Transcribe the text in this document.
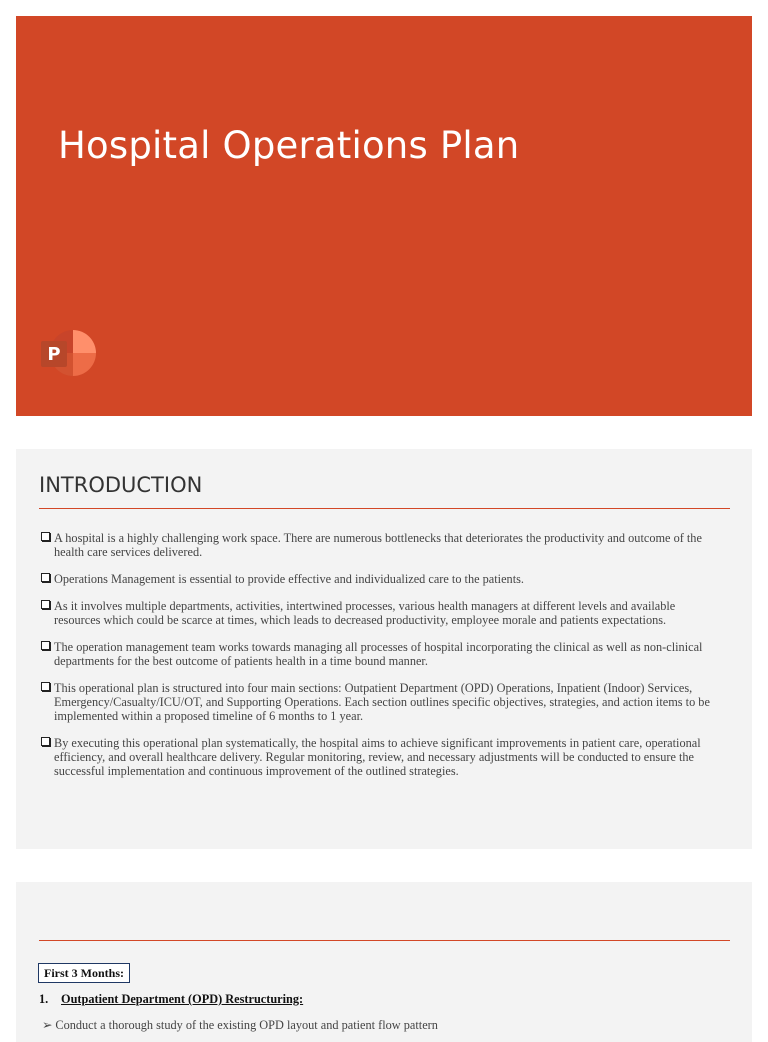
Hospital Operations Plan
P
INTRODUCTION
A hospital is a highly challenging work space. There are numerous bottlenecks that deteriorates the productivity and outcome of the health care services delivered.
Operations Management is essential to provide effective and individualized care to the patients.
As it involves multiple departments, activities, intertwined processes, various health managers at different levels and available resources which could be scarce at times, which leads to decreased productivity, employee morale and patients expectations.
The operation management team works towards managing all processes of hospital incorporating the clinical as well as non-clinical departments for the best outcome of patients health in a time bound manner.
This operational plan is structured into four main sections: Outpatient Department (OPD) Operations, Inpatient (Indoor) Services, Emergency/Casualty/ICU/OT, and Supporting Operations. Each section outlines specific objectives, strategies, and action items to be implemented within a proposed timeline of 6 months to 1 year.
By executing this operational plan systematically, the hospital aims to achieve significant improvements in patient care, operational efficiency, and overall healthcare delivery. Regular monitoring, review, and necessary adjustments will be conducted to ensure the successful implementation and continuous improvement of the outlined strategies.
First 3 Months:
1. Outpatient Department (OPD) Restructuring:
➢ Conduct a thorough study of the existing OPD layout and patient flow pattern
